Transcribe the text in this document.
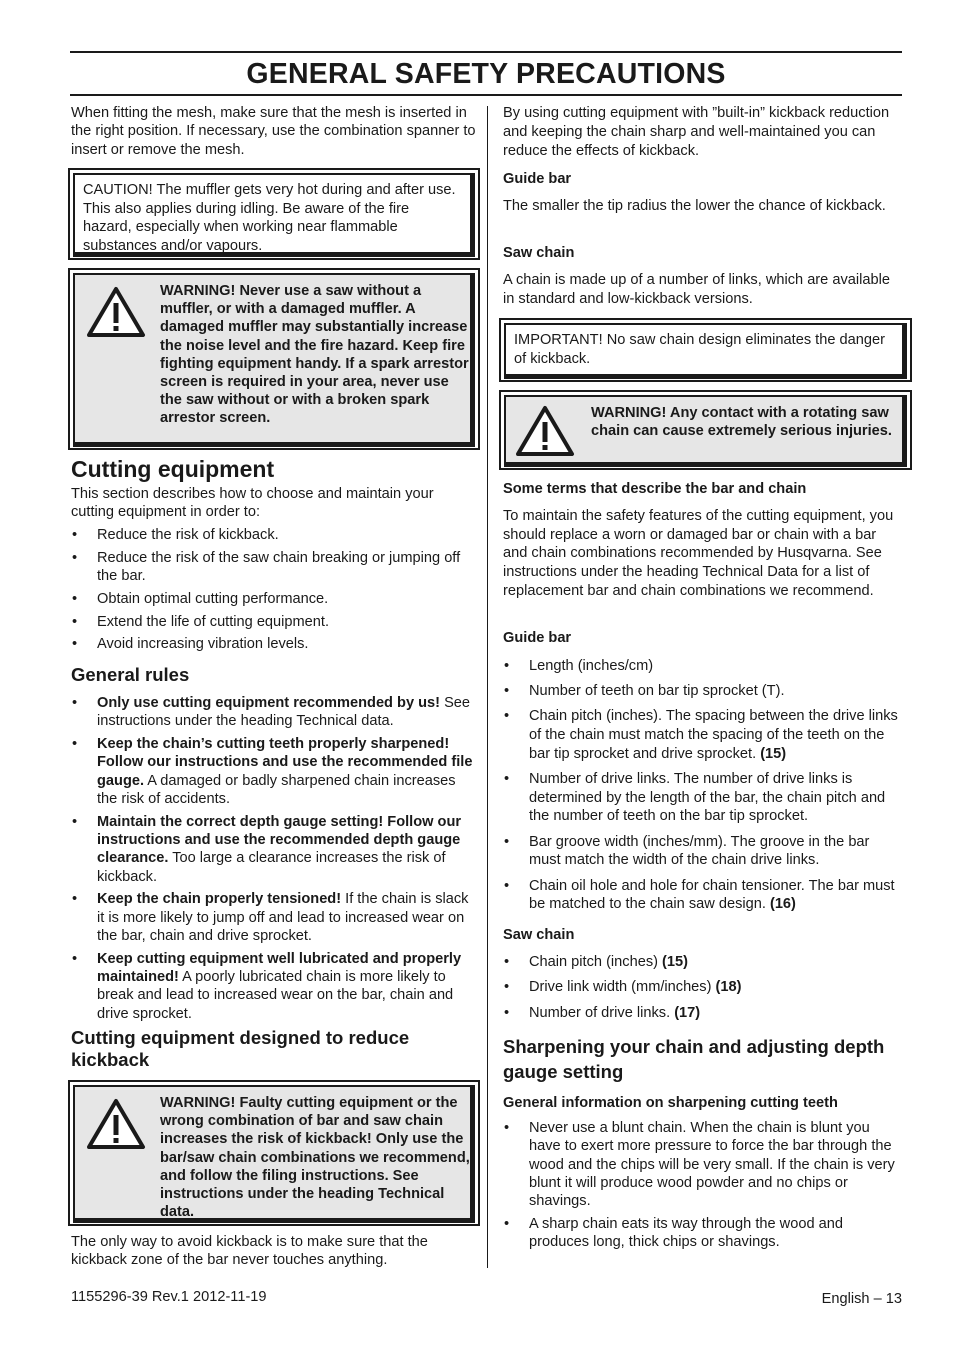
GENERAL SAFETY PRECAUTIONS

When fitting the mesh, make sure that the mesh is inserted in the right position. If necessary, use the combination spanner to insert or remove the mesh.

CAUTION! The muffler gets very hot during and after use. This also applies during idling. Be aware of the fire hazard, especially when working near flammable substances and/or vapours.
WARNING! Never use a saw without a muffler, or with a damaged muffler. A damaged muffler may substantially increase the noise level and the fire hazard. Keep fire fighting equipment handy. If a spark arrestor screen is required in your area, never use the saw without or with a broken spark arrestor screen.
Cutting equipment

This section describes how to choose and maintain your cutting equipment in order to:

• Reduce the risk of kickback.
• Reduce the risk of the saw chain breaking or jumping off the bar.
• Obtain optimal cutting performance.
• Extend the life of cutting equipment.
• Avoid increasing vibration levels.
General rules
• Only use cutting equipment recommended by us! See instructions under the heading Technical data.
• Keep the chain’s cutting teeth properly sharpened! Follow our instructions and use the recommended file gauge. A damaged or badly sharpened chain increases the risk of accidents.
• Maintain the correct depth gauge setting! Follow our instructions and use the recommended depth gauge clearance. Too large a clearance increases the risk of kickback.
• Keep the chain properly tensioned! If the chain is slack it is more likely to jump off and lead to increased wear on the bar, chain and drive sprocket.
• Keep cutting equipment well lubricated and properly maintained! A poorly lubricated chain is more likely to break and lead to increased wear on the bar, chain and drive sprocket.
Cutting equipment designed to reduce kickback
WARNING! Faulty cutting equipment or the wrong combination of bar and saw chain increases the risk of kickback! Only use the bar/saw chain combinations we recommend, and follow the filing instructions. See instructions under the heading Technical data.

The only way to avoid kickback is to make sure that the kickback zone of the bar never touches anything.

By using cutting equipment with ”built-in” kickback reduction and keeping the chain sharp and well-maintained you can reduce the effects of kickback.

Guide bar

The smaller the tip radius the lower the chance of kickback.

Saw chain

A chain is made up of a number of links, which are available in standard and low-kickback versions.

IMPORTANT! No saw chain design eliminates the danger of kickback.
WARNING! Any contact with a rotating saw chain can cause extremely serious injuries.
Some terms that describe the bar and chain

To maintain the safety features of the cutting equipment, you should replace a worn or damaged bar or chain with a bar and chain combinations recommended by Husqvarna. See instructions under the heading Technical Data for a list of replacement bar and chain combinations we recommend.

Guide bar
• Length (inches/cm)
• Number of teeth on bar tip sprocket (T).
• Chain pitch (inches). The spacing between the drive links of the chain must match the spacing of the teeth on the bar tip sprocket and drive sprocket. (15)
• Number of drive links. The number of drive links is determined by the length of the bar, the chain pitch and the number of teeth on the bar tip sprocket.
• Bar groove width (inches/mm). The groove in the bar must match the width of the chain drive links.
• Chain oil hole and hole for chain tensioner. The bar must be matched to the chain saw design. (16)
Saw chain
• Chain pitch (inches) (15)
• Drive link width (mm/inches) (18)
• Number of drive links. (17)
Sharpening your chain and adjusting depth gauge setting
General information on sharpening cutting teeth
• Never use a blunt chain. When the chain is blunt you have to exert more pressure to force the bar through the wood and the chips will be very small. If the chain is very blunt it will produce wood powder and no chips or shavings.
• A sharp chain eats its way through the wood and produces long, thick chips or shavings.
1155296-39 Rev.1 2012-11-19	English – 13
